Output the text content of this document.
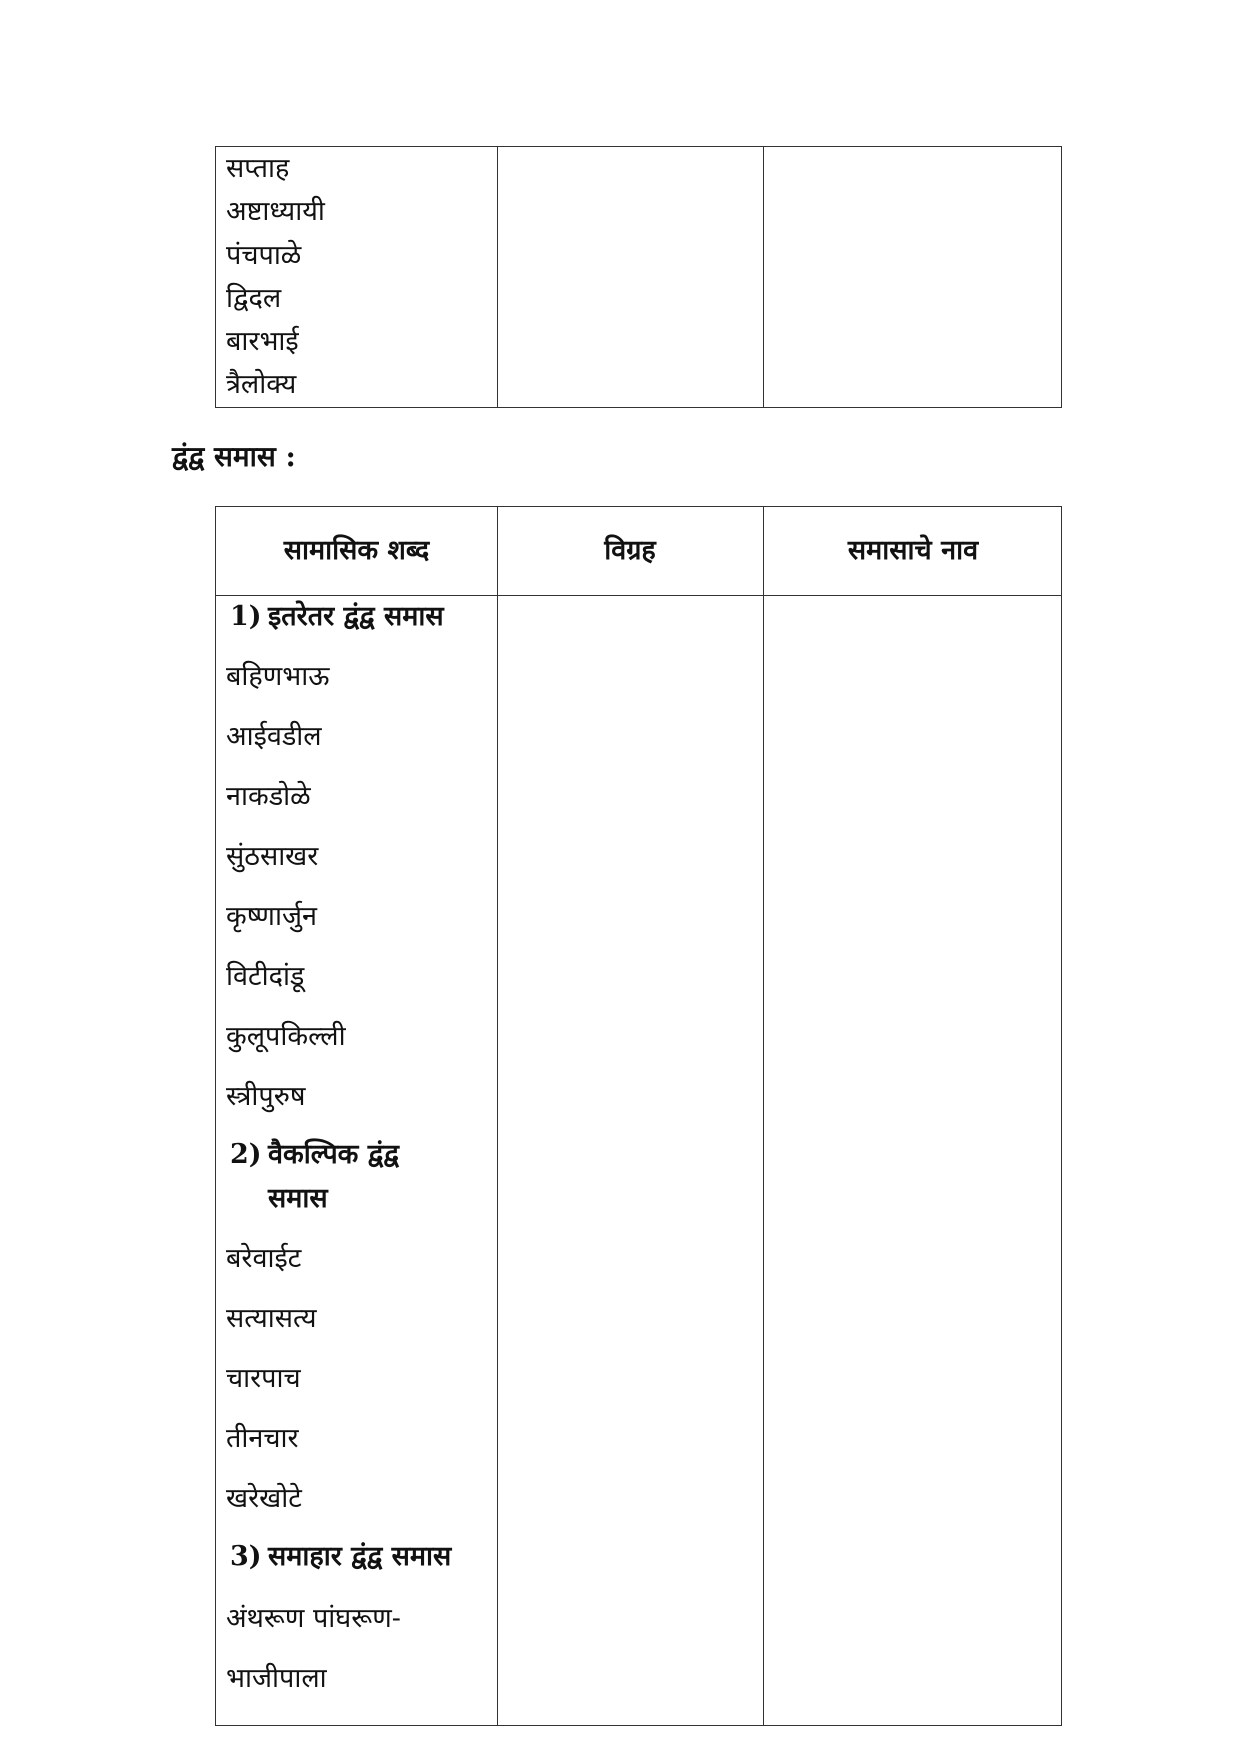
सप्ताह
अष्टाध्यायी
पंचपाळे
द्विदल
बारभाई
त्रैलोक्य
द्वंद्व समास :
सामासिक शब्द	विग्रह	समासाचे नाव
1) इतरेतर द्वंद्व समास
बहिणभाऊ
आईवडील
नाकडोळे
सुंठसाखर
कृष्णार्जुन
विटीदांडू
कुलूपकिल्ली
स्त्रीपुरुष
2) वैकल्पिक द्वंद्व
समास
बरेवाईट
सत्यासत्य
चारपाच
तीनचार
खरेखोटे
3) समाहार द्वंद्व समास
अंथरूण पांघरूण-
भाजीपाला
